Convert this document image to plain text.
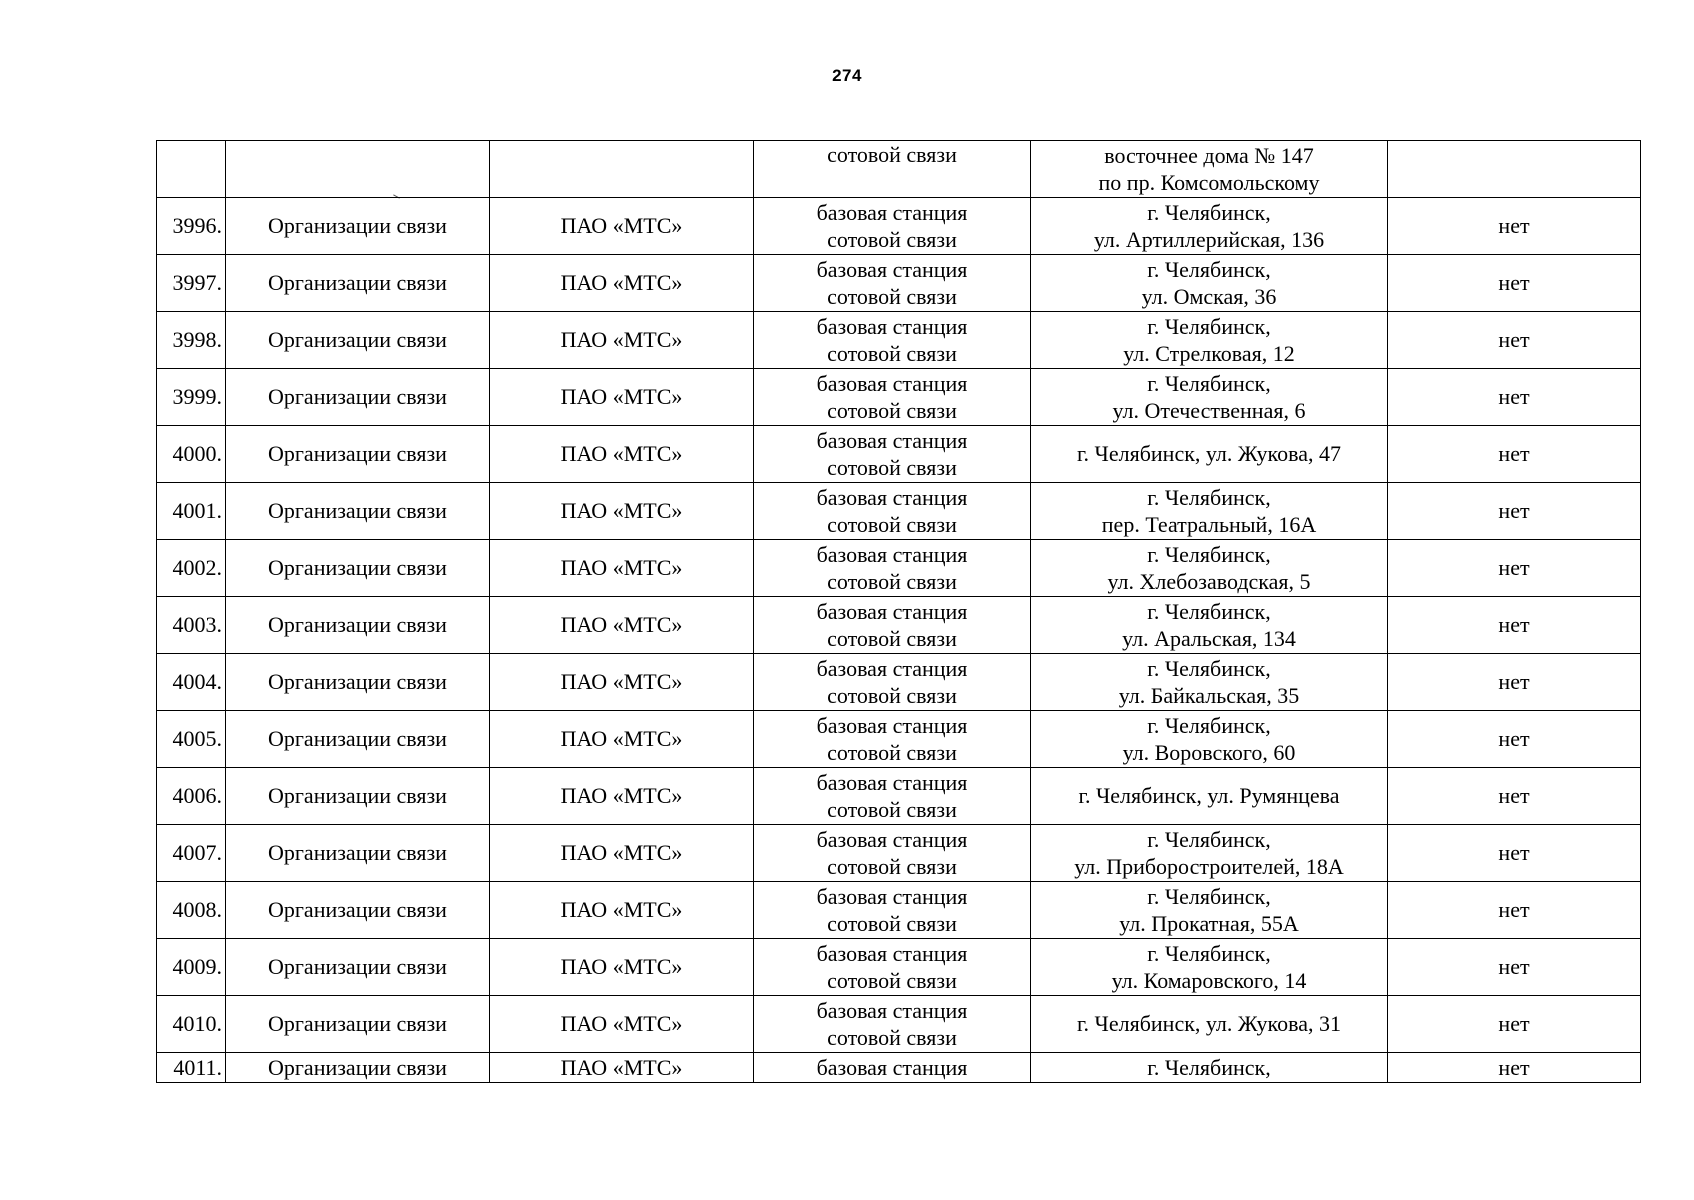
274

			сотовой связи	восточнее дома № 147
по пр. Комсомольскому	

3996.	Организации связи	ПАО «МТС»	базовая станция
сотовой связи	г. Челябинск,
ул. Артиллерийская, 136	нет
3997.	Организации связи	ПАО «МТС»	базовая станция
сотовой связи	г. Челябинск,
ул. Омская, 36	нет
3998.	Организации связи	ПАО «МТС»	базовая станция
сотовой связи	г. Челябинск,
ул. Стрелковая, 12	нет
3999.	Организации связи	ПАО «МТС»	базовая станция
сотовой связи	г. Челябинск,
ул. Отечественная, 6	нет
4000.	Организации связи	ПАО «МТС»	базовая станция
сотовой связи	г. Челябинск, ул. Жукова, 47	нет
4001.	Организации связи	ПАО «МТС»	базовая станция
сотовой связи	г. Челябинск,
пер. Театральный, 16А	нет
4002.	Организации связи	ПАО «МТС»	базовая станция
сотовой связи	г. Челябинск,
ул. Хлебозаводская, 5	нет
4003.	Организации связи	ПАО «МТС»	базовая станция
сотовой связи	г. Челябинск,
ул. Аральская, 134	нет
4004.	Организации связи	ПАО «МТС»	базовая станция
сотовой связи	г. Челябинск,
ул. Байкальская, 35	нет
4005.	Организации связи	ПАО «МТС»	базовая станция
сотовой связи	г. Челябинск,
ул. Воровского, 60	нет
4006.	Организации связи	ПАО «МТС»	базовая станция
сотовой связи	г. Челябинск, ул. Румянцева	нет
4007.	Организации связи	ПАО «МТС»	базовая станция
сотовой связи	г. Челябинск,
ул. Приборостроителей, 18А	нет
4008.	Организации связи	ПАО «МТС»	базовая станция
сотовой связи	г. Челябинск,
ул. Прокатная, 55А	нет
4009.	Организации связи	ПАО «МТС»	базовая станция
сотовой связи	г. Челябинск,
ул. Комаровского, 14	нет
4010.	Организации связи	ПАО «МТС»	базовая станция
сотовой связи	г. Челябинск, ул. Жукова, 31	нет
4011.	Организации связи	ПАО «МТС»	базовая станция	г. Челябинск,	нет
